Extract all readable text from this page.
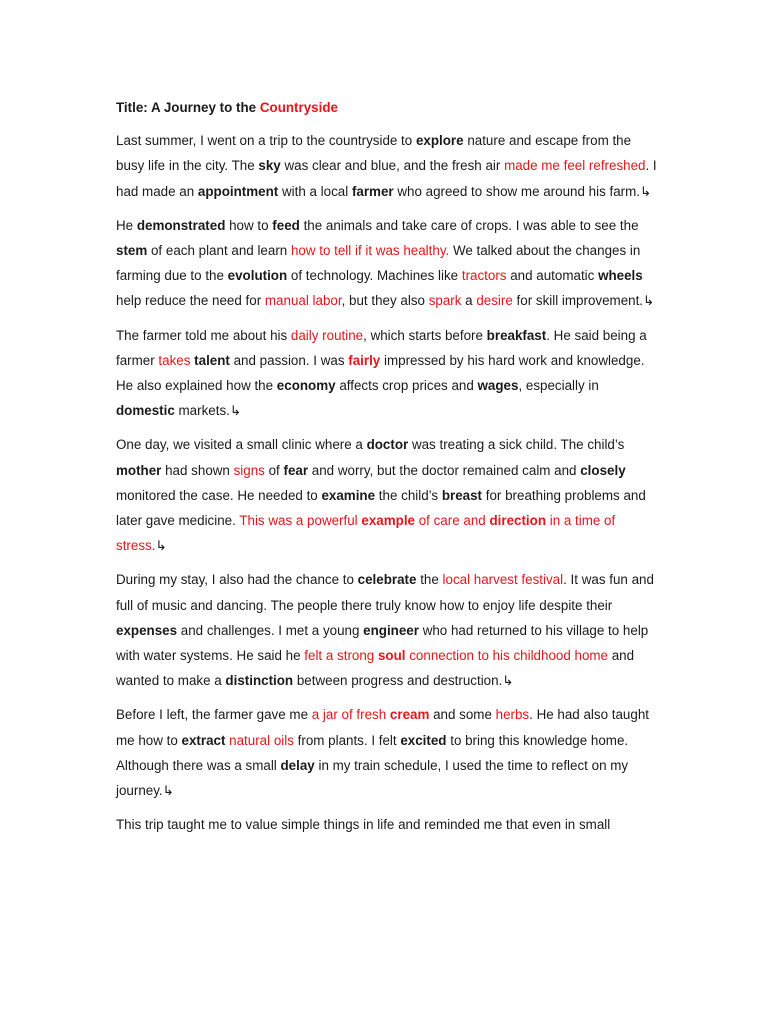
Title: A Journey to the Countryside

Last summer, I went on a trip to the countryside to explore nature and escape from the busy life in the city. The sky was clear and blue, and the fresh air made me feel refreshed. I had made an appointment with a local farmer who agreed to show me around his farm.↳

He demonstrated how to feed the animals and take care of crops. I was able to see the stem of each plant and learn how to tell if it was healthy. We talked about the changes in farming due to the evolution of technology. Machines like tractors and automatic wheels help reduce the need for manual labor, but they also spark a desire for skill improvement.↳

The farmer told me about his daily routine, which starts before breakfast. He said being a farmer takes talent and passion. I was fairly impressed by his hard work and knowledge. He also explained how the economy affects crop prices and wages, especially in domestic markets.↳

One day, we visited a small clinic where a doctor was treating a sick child. The child’s mother had shown signs of fear and worry, but the doctor remained calm and closely monitored the case. He needed to examine the child’s breast for breathing problems and later gave medicine. This was a powerful example of care and direction in a time of stress.↳

During my stay, I also had the chance to celebrate the local harvest festival. It was fun and full of music and dancing. The people there truly know how to enjoy life despite their expenses and challenges. I met a young engineer who had returned to his village to help with water systems. He said he felt a strong soul connection to his childhood home and wanted to make a distinction between progress and destruction.↳

Before I left, the farmer gave me a jar of fresh cream and some herbs. He had also taught me how to extract natural oils from plants. I felt excited to bring this knowledge home. Although there was a small delay in my train schedule, I used the time to reflect on my journey.↳

This trip taught me to value simple things in life and reminded me that even in small
